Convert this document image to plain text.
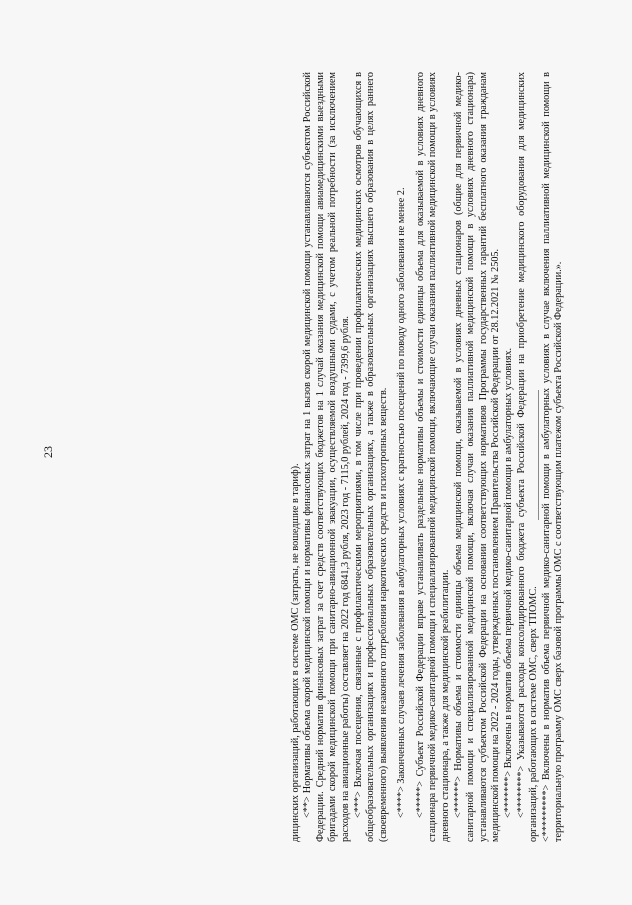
23

дицинских организаций, работающих в системе ОМС (затраты, не вошедшие в тариф). <**> Нормативы объема скорой медицинской помощи и нормативы финансовых затрат на 1 вызов скорой медицинской помощи устанавливаются субъектом Российской Федерации. Средний норматив финансовых затрат за счет средств соответствующих бюджетов на 1 случай оказания медицинской помощи авиамедицинскими выездными бригадами скорой медицинской помощи при санитарно-авиационной эвакуации, осуществляемой воздушными судами, с учетом реальной потребности (за исключением расходов на авиационные работы) составляет на 2022 год 6841,3 рубля, 2023 год - 7115,0 рублей, 2024 год - 7399,6 рубля. <***> Включая посещения, связанные с профилактическими мероприятиями, в том числе при проведении профилактических медицинских осмотров обучающихся в общеобразовательных организациях и профессиональных образовательных организациях, а также в образовательных организациях высшего образования в целях раннего (своевременного) выявления незаконного потребления наркотических средств и психотропных веществ. <****> Законченных случаев лечения заболевания в амбулаторных условиях с кратностью посещений по поводу одного заболевания не менее 2. <*****> Субъект Российской Федерации вправе устанавливать раздельные нормативы объемы и стоимости единицы объема для оказываемой в условиях дневного стационара первичной медико-санитарной помощи и специализированной медицинской помощи, включающие случаи оказания паллиативной медицинской помощи в условиях дневного стационара, а также для медицинской реабилитации. <******> Нормативы объема и стоимости единицы объема медицинской помощи, оказываемой в условиях дневных стационаров (общие для первичной медико-санитарной помощи и специализированной медицинской помощи, включая случаи оказания паллиативной медицинской помощи в условиях дневного стационара) устанавливаются субъектом Российской Федерации на основании соответствующих нормативов Программы государственных гарантий бесплатного оказания гражданам медицинской помощи на 2022 - 2024 годы, утвержденных постановлением Правительства Российской Федерации от 28.12.2021 № 2505. <*******> Включены в норматив объема первичной медико-санитарной помощи в амбулаторных условиях. <********> Указываются расходы консолидированного бюджета субъекта Российской Федерации на приобретение медицинского оборудования для медицинских организаций, работающих в системе ОМС, сверх ТПОМС. <*********> Включены в норматив объема первичной медико-санитарной помощи в амбулаторных условиях в случае включения паллиативной медицинской помощи в территориальную программу ОМС сверх базовой программы ОМС с соответствующим платежом субъекта Российской Федерации.».
